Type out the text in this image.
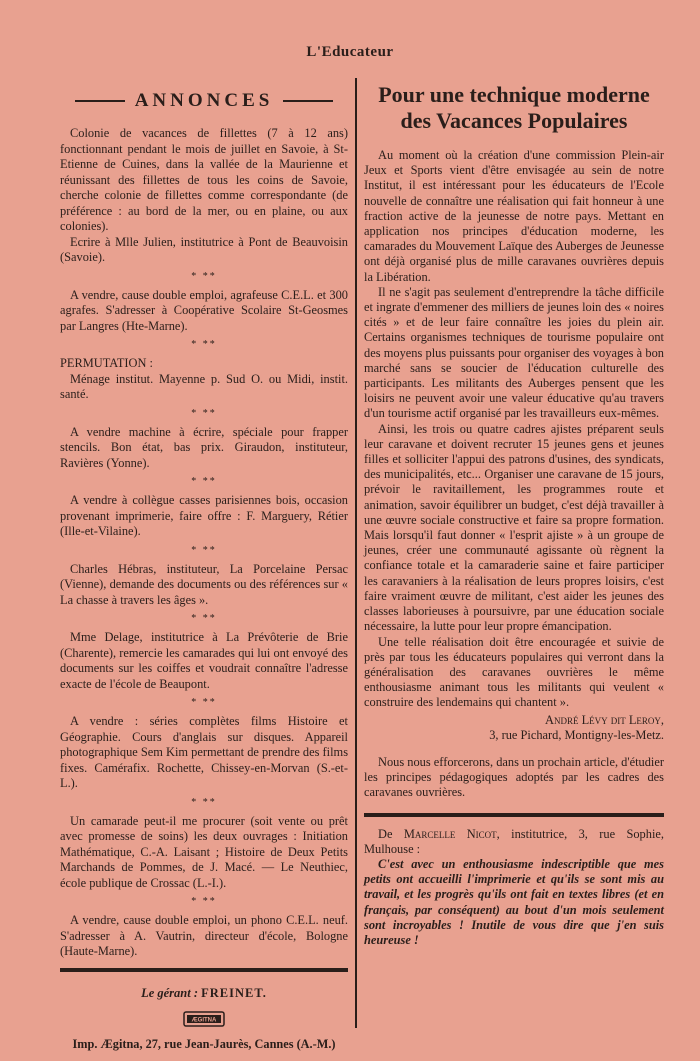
L'Educateur
ANNONCES
Colonie de vacances de fillettes (7 à 12 ans) fonctionnant pendant le mois de juillet en Savoie, à St-Etienne de Cuines, dans la vallée de la Maurienne et réunissant des fillettes de tous les coins de Savoie, cherche colonie de fillettes comme correspondante (de préférence : au bord de la mer, ou en plaine, ou aux colonies).
Ecrire à Mlle Julien, institutrice à Pont de Beauvoisin (Savoie).
* **
A vendre, cause double emploi, agrafeuse C.E.L. et 300 agrafes. S'adresser à Coopérative Scolaire St-Geosmes par Langres (Hte-Marne).
* **
PERMUTATION :
Ménage institut. Mayenne p. Sud O. ou Midi, instit. santé.
* **
A vendre machine à écrire, spéciale pour frapper stencils. Bon état, bas prix. Giraudon, instituteur, Ravières (Yonne).
* **
A vendre à collègue casses parisiennes bois, occasion provenant imprimerie, faire offre : F. Marguery, Rétier (Ille-et-Vilaine).
* **
Charles Hébras, instituteur, La Porcelaine Persac (Vienne), demande des documents ou des références sur « La chasse à travers les âges ».
* **
Mme Delage, institutrice à La Prévôterie de Brie (Charente), remercie les camarades qui lui ont envoyé des documents sur les coiffes et voudrait connaître l'adresse exacte de l'école de Beaupont.
* **
A vendre : séries complètes films Histoire et Géographie. Cours d'anglais sur disques. Appareil photographique Sem Kim permettant de prendre des films fixes. Camérafix. Rochette, Chissey-en-Morvan (S.-et-L.).
* **
Un camarade peut-il me procurer (soit vente ou prêt avec promesse de soins) les deux ouvrages : Initiation Mathématique, C.-A. Laisant ; Histoire de Deux Petits Marchands de Pommes, de J. Macé. — Le Neuthiec, école publique de Crossac (L.-I.).
* **
A vendre, cause double emploi, un phono C.E.L. neuf. S'adresser à A. Vautrin, directeur d'école, Bologne (Haute-Marne).
Le gérant : FREINET.
ÆGITNA
Imp. Ægitna, 27, rue Jean-Jaurès, Cannes (A.-M.)
Pour une technique moderne
des Vacances Populaires

Au moment où la création d'une commission Plein-air Jeux et Sports vient d'être envisagée au sein de notre Institut, il est intéressant pour les éducateurs de l'Ecole nouvelle de connaître une réalisation qui fait honneur à une fraction active de la jeunesse de notre pays. Mettant en application nos principes d'éducation moderne, les camarades du Mouvement Laïque des Auberges de Jeunesse ont déjà organisé plus de mille caravanes ouvrières depuis la Libération.

Il ne s'agit pas seulement d'entreprendre la tâche difficile et ingrate d'emmener des milliers de jeunes loin des « noires cités » et de leur faire connaître les joies du plein air. Certains organismes techniques de tourisme populaire ont des moyens plus puissants pour organiser des voyages à bon marché sans se soucier de l'éducation culturelle des participants. Les militants des Auberges pensent que les loisirs ne peuvent avoir une valeur éducative qu'au travers d'un tourisme actif organisé par les travailleurs eux-mêmes.

Ainsi, les trois ou quatre cadres ajistes préparent seuls leur caravane et doivent recruter 15 jeunes gens et jeunes filles et solliciter l'appui des patrons d'usines, des syndicats, des municipalités, etc... Organiser une caravane de 15 jours, prévoir le ravitaillement, les programmes route et animation, savoir équilibrer un budget, c'est déjà travailler à une œuvre sociale constructive et faire sa propre formation. Mais lorsqu'il faut donner « l'esprit ajiste » à un groupe de jeunes, créer une communauté agissante où règnent la confiance totale et la camaraderie saine et faire participer les caravaniers à la réalisation de leurs propres loisirs, c'est faire vraiment œuvre de militant, c'est aider les jeunes des classes laborieuses à poursuivre, par une éducation sociale nécessaire, la lutte pour leur propre émancipation.

Une telle réalisation doit être encouragée et suivie de près par tous les éducateurs populaires qui verront dans la généralisation des caravanes ouvrières le même enthousiasme animant tous les militants qui veulent « construire des lendemains qui chantent ».

André Lévy dit Leroy,
3, rue Pichard, Montigny-les-Metz.

Nous nous efforcerons, dans un prochain article, d'étudier les principes pédagogiques adoptés par les cadres des caravanes ouvrières.

De Marcelle Nicot, institutrice, 3, rue Sophie, Mulhouse :
C'est avec un enthousiasme indescriptible que mes petits ont accueilli l'imprimerie et qu'ils se sont mis au travail, et les progrès qu'ils ont fait en textes libres (et en français, par conséquent) au bout d'un mois seulement sont incroyables ! Inutile de vous dire que j'en suis heureuse !
